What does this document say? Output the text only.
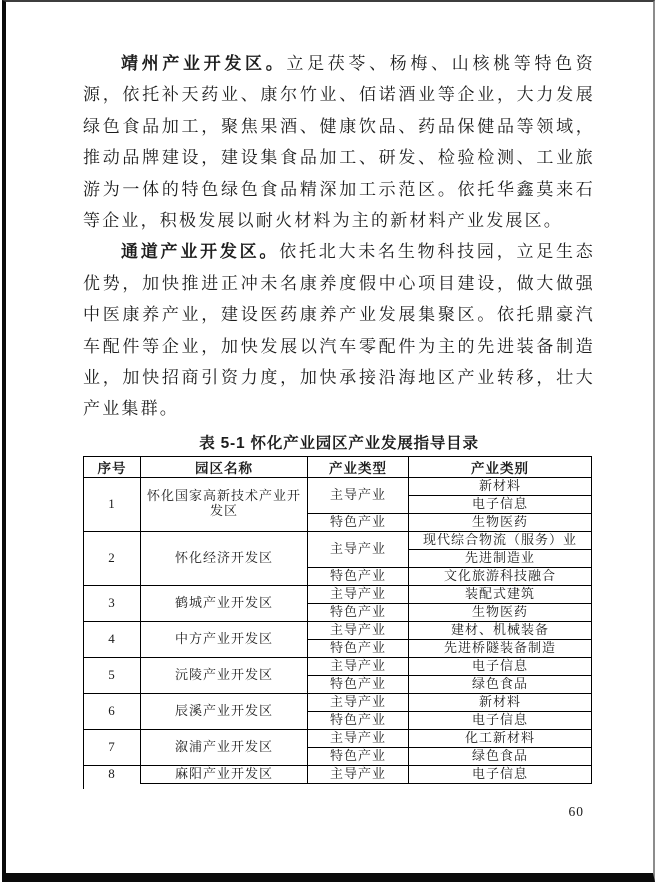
靖州产业开发区。立足茯苓、杨梅、山核桃等特色资源，依托补天药业、康尔竹业、佰诺酒业等企业，大力发展绿色食品加工，聚焦果酒、健康饮品、药品保健品等领域，推动品牌建设，建设集食品加工、研发、检验检测、工业旅游为一体的特色绿色食品精深加工示范区。依托华鑫莫来石等企业，积极发展以耐火材料为主的新材料产业发展区。

通道产业开发区。依托北大未名生物科技园，立足生态优势，加快推进正冲未名康养度假中心项目建设，做大做强中医康养产业，建设医药康养产业发展集聚区。依托鼎豪汽车配件等企业，加快发展以汽车零配件为主的先进装备制造业，加快招商引资力度，加快承接沿海地区产业转移，壮大产业集群。

表 5-1 怀化产业园区产业发展指导目录
序号	园区名称	产业类型	产业类别
1	怀化国家高新技术产业开发区	主导产业	新材料
			电子信息
		特色产业	生物医药
2	怀化经济开发区	主导产业	现代综合物流（服务）业
			先进制造业
		特色产业	文化旅游科技融合
3	鹤城产业开发区	主导产业	装配式建筑
		特色产业	生物医药
4	中方产业开发区	主导产业	建材、机械装备
		特色产业	先进桥隧装备制造
5	沅陵产业开发区	主导产业	电子信息
		特色产业	绿色食品
6	辰溪产业开发区	主导产业	新材料
		特色产业	电子信息
7	溆浦产业开发区	主导产业	化工新材料
		特色产业	绿色食品
8	麻阳产业开发区	主导产业	电子信息
60
